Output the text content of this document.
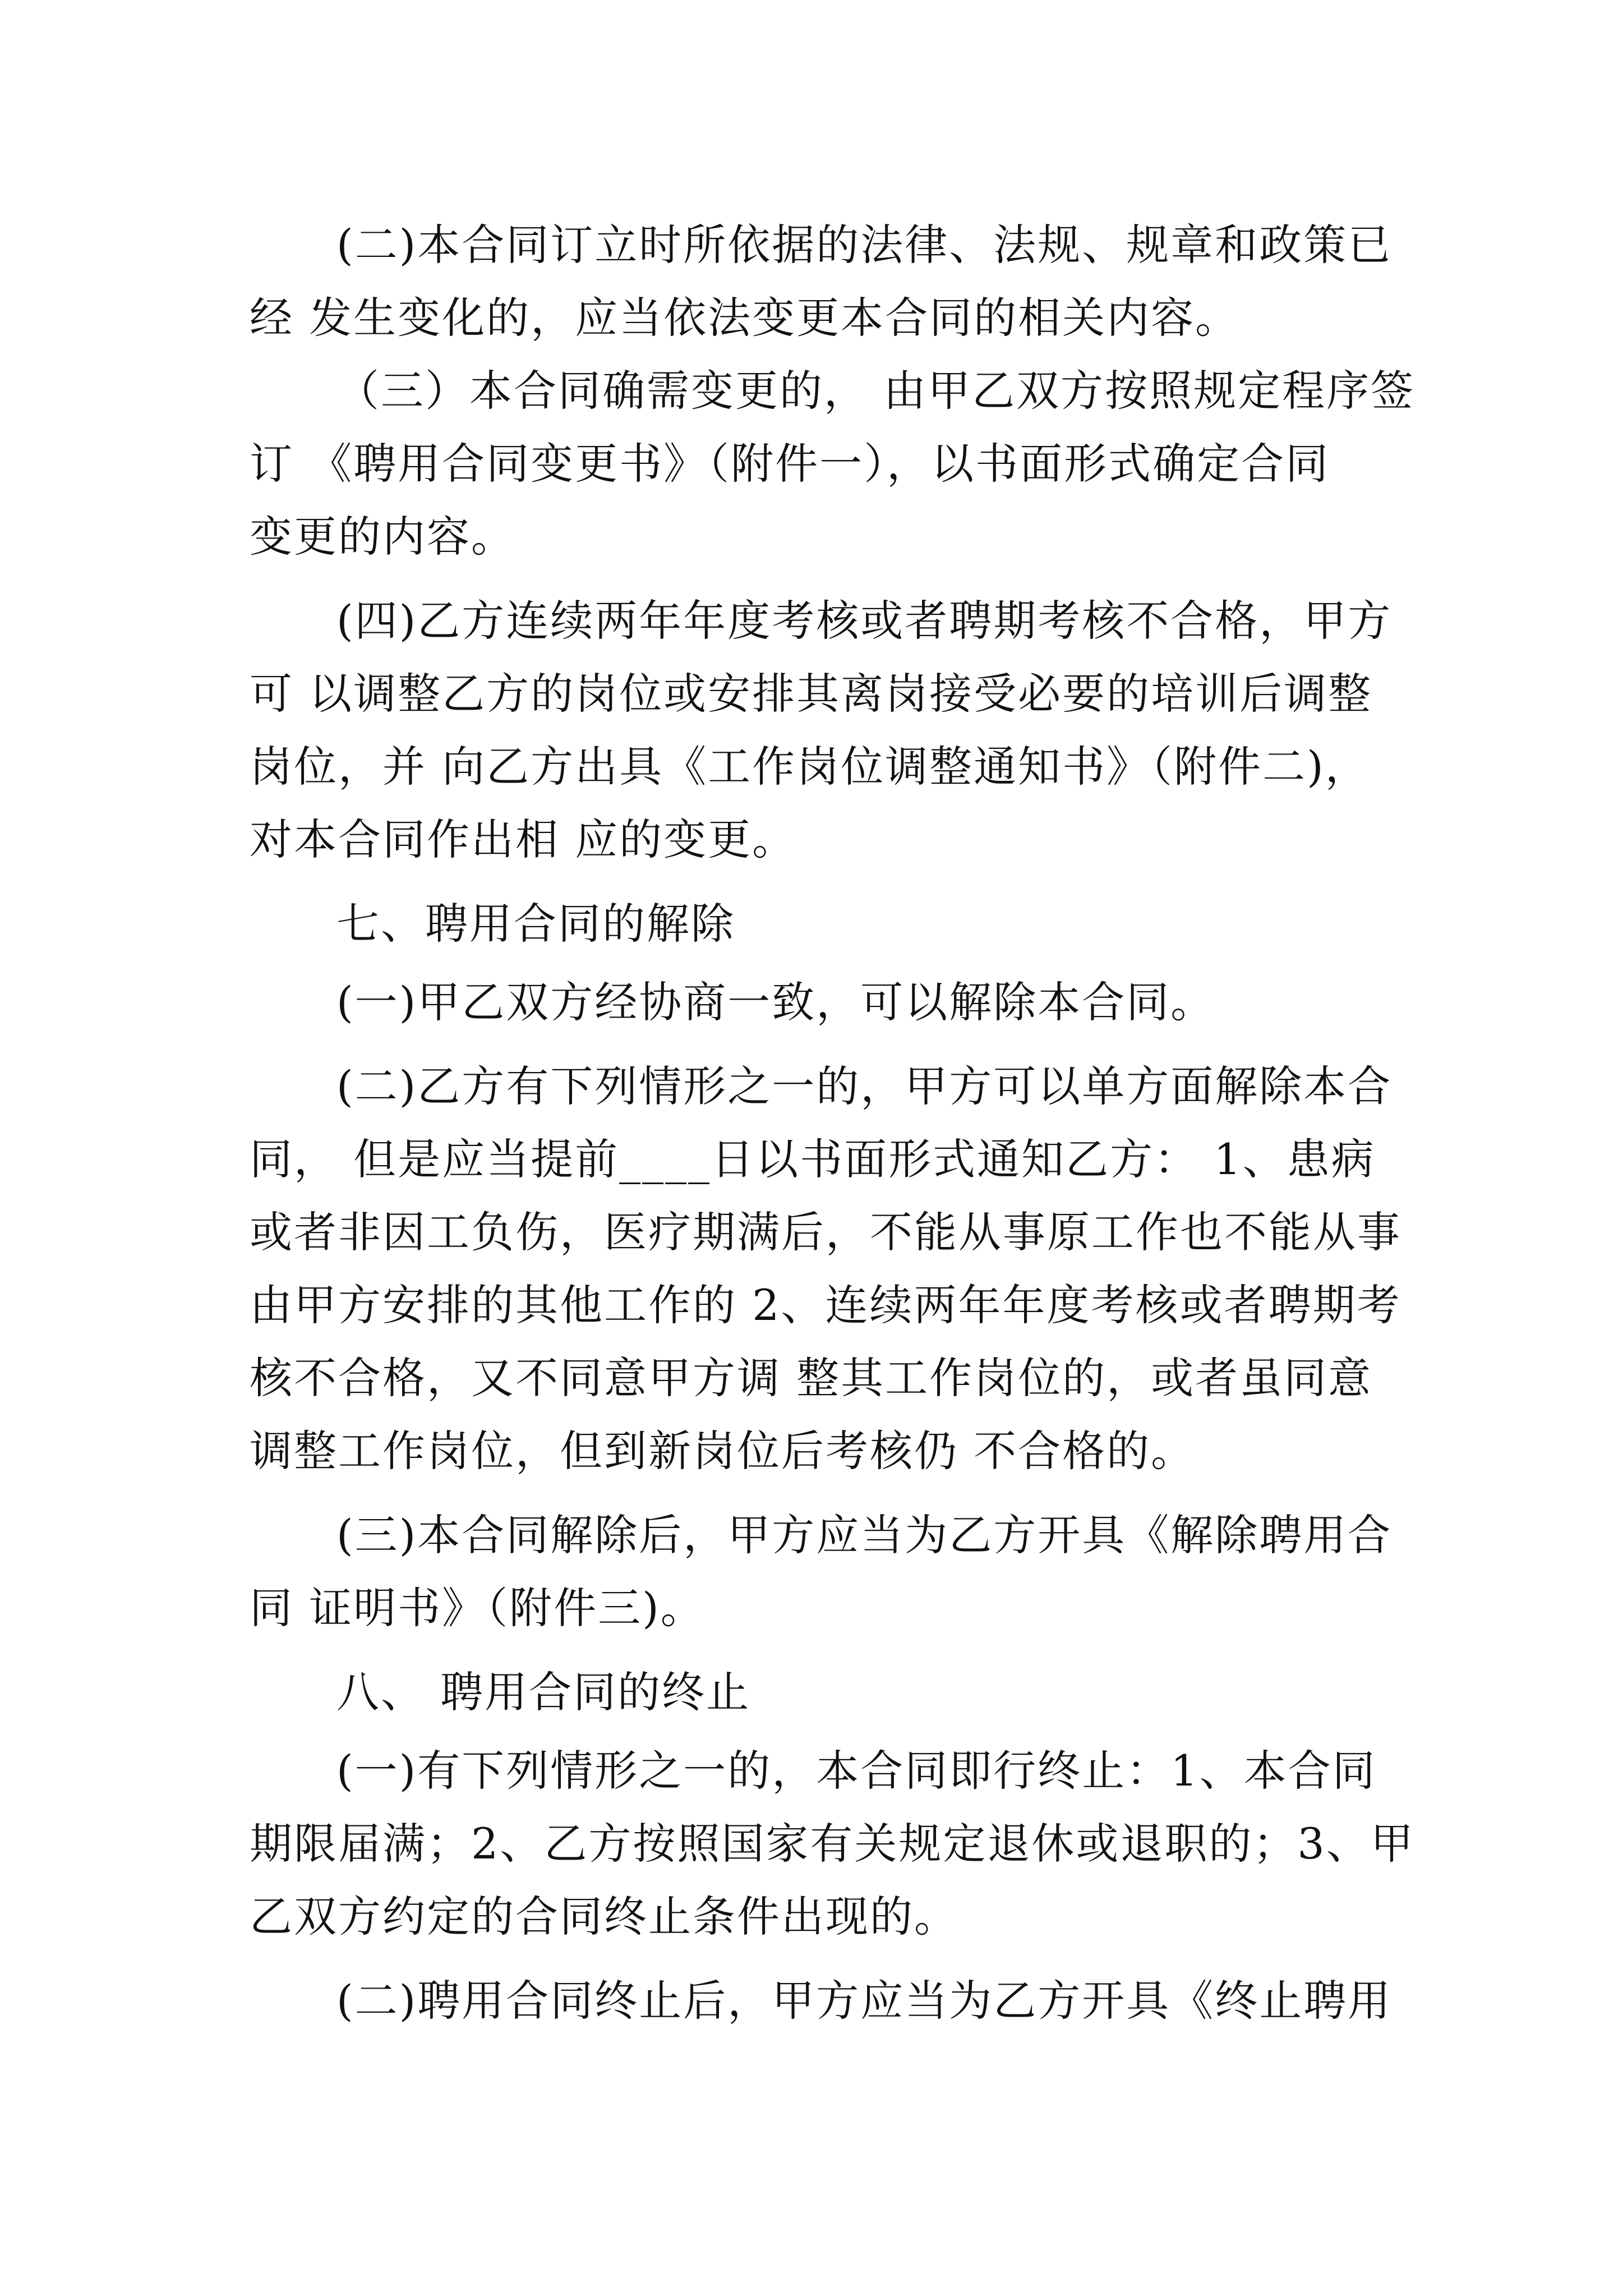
(二)本合同订立时所依据的法律、法规、规章和政策已
经 发生变化的，应当依法变更本合同的相关内容。
（三）本合同确需变更的， 由甲乙双方按照规定程序签
订 《聘用合同变更书》（附件一），以书面形式确定合同
变更的内容。
(四)乙方连续两年年度考核或者聘期考核不合格，甲方
可 以调整乙方的岗位或安排其离岗接受必要的培训后调整
岗位，并 向乙方出具《工作岗位调整通知书》（附件二)，
对本合同作出相 应的变更。
七、聘用合同的解除
(一)甲乙双方经协商一致，可以解除本合同。
(二)乙方有下列情形之一的，甲方可以单方面解除本合
同， 但是应当提前____日以书面形式通知乙方： 1、患病
或者非因工负伤，医疗期满后，不能从事原工作也不能从事
由甲方安排的其他工作的 2、连续两年年度考核或者聘期考
核不合格，又不同意甲方调 整其工作岗位的，或者虽同意
调整工作岗位，但到新岗位后考核仍 不合格的。
(三)本合同解除后，甲方应当为乙方开具《解除聘用合
同 证明书》（附件三)。
八、 聘用合同的终止
(一)有下列情形之一的，本合同即行终止：1、本合同
期限届满；2、乙方按照国家有关规定退休或退职的；3、甲
乙双方约定的合同终止条件出现的。
(二)聘用合同终止后，甲方应当为乙方开具《终止聘用
